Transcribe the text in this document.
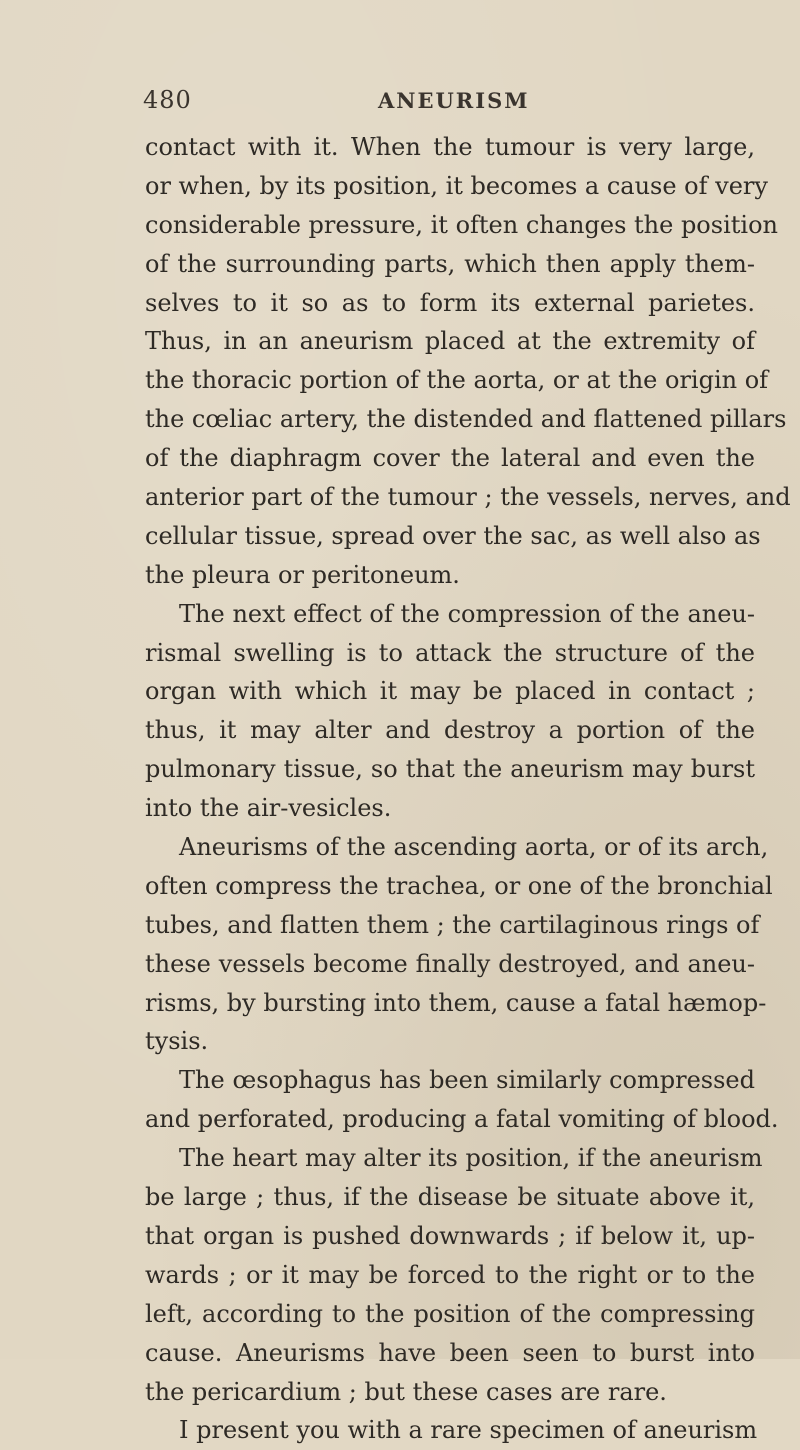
480	ANEURISM
contact with it. When the tumour is very large,
or when, by its position, it becomes a cause of very
considerable pressure, it often changes the position
of the surrounding parts, which then apply them-
selves to it so as to form its external parietes.
Thus, in an aneurism placed at the extremity of
the thoracic portion of the aorta, or at the origin of
the cœliac artery, the distended and flattened pillars
of the diaphragm cover the lateral and even the
anterior part of the tumour ; the vessels, nerves, and
cellular tissue, spread over the sac, as well also as
the pleura or peritoneum.
The next effect of the compression of the aneu-
rismal swelling is to attack the structure of the
organ with which it may be placed in contact ;
thus, it may alter and destroy a portion of the
pulmonary tissue, so that the aneurism may burst
into the air-vesicles.
Aneurisms of the ascending aorta, or of its arch,
often compress the trachea, or one of the bronchial
tubes, and flatten them ; the cartilaginous rings of
these vessels become finally destroyed, and aneu-
risms, by bursting into them, cause a fatal hæmop-
tysis.
The œsophagus has been similarly compressed
and perforated, producing a fatal vomiting of blood.
The heart may alter its position, if the aneurism
be large ; thus, if the disease be situate above it,
that organ is pushed downwards ; if below it, up-
wards ; or it may be forced to the right or to the
left, according to the position of the compressing
cause. Aneurisms have been seen to burst into
the pericardium ; but these cases are rare.
I present you with a rare specimen of aneurism
